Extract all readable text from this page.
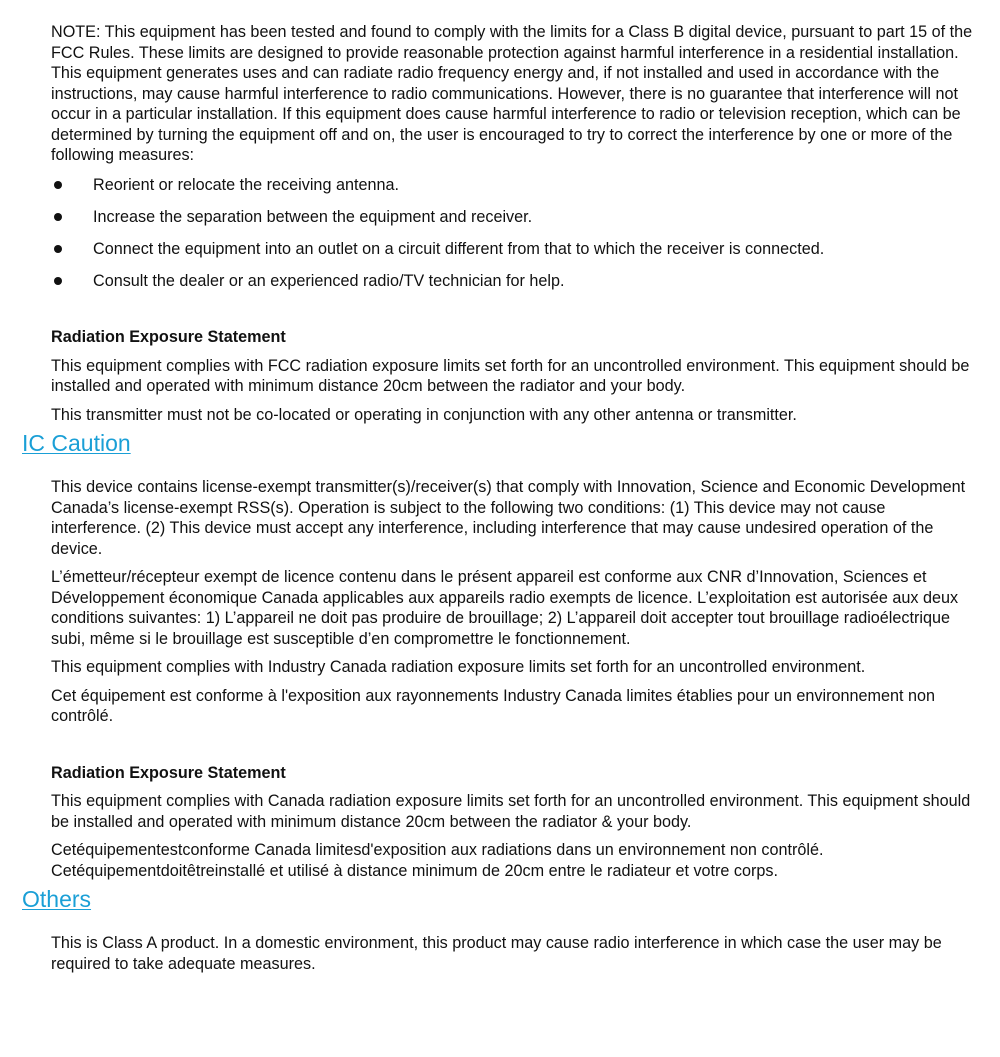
NOTE: This equipment has been tested and found to comply with the limits for a Class B digital device, pursuant to part 15 of the FCC Rules. These limits are designed to provide reasonable protection against harmful interference in a residential installation. This equipment generates uses and can radiate radio frequency energy and, if not installed and used in accordance with the instructions, may cause harmful interference to radio communications. However, there is no guarantee that interference will not occur in a particular installation. If this equipment does cause harmful interference to radio or television reception, which can be determined by turning the equipment off and on, the user is encouraged to try to correct the interference by one or more of the following measures:

Reorient or relocate the receiving antenna.
Increase the separation between the equipment and receiver.
Connect the equipment into an outlet on a circuit different from that to which the receiver is connected.
Consult the dealer or an experienced radio/TV technician for help.

Radiation Exposure Statement

This equipment complies with FCC radiation exposure limits set forth for an uncontrolled environment. This equipment should be installed and operated with minimum distance 20cm between the radiator and your body.

This transmitter must not be co-located or operating in conjunction with any other antenna or transmitter.

IC Caution

This device contains license-exempt transmitter(s)/receiver(s) that comply with Innovation, Science and Economic Development Canada’s license-exempt RSS(s). Operation is subject to the following two conditions: (1) This device may not cause interference. (2) This device must accept any interference, including interference that may cause undesired operation of the device.

L’émetteur/récepteur exempt de licence contenu dans le présent appareil est conforme aux CNR d’Innovation, Sciences et Développement économique Canada applicables aux appareils radio exempts de licence. L’exploitation est autorisée aux deux conditions suivantes: 1) L’appareil ne doit pas produire de brouillage; 2) L’appareil doit accepter tout brouillage radioélectrique subi, même si le brouillage est susceptible d’en compromettre le fonctionnement.

This equipment complies with Industry Canada radiation exposure limits set forth for an uncontrolled environment.

Cet équipement est conforme à l'exposition aux rayonnements Industry Canada limites établies pour un environnement non contrôlé.

Radiation Exposure Statement

This equipment complies with Canada radiation exposure limits set forth for an uncontrolled environment. This equipment should be installed and operated with minimum distance 20cm between the radiator & your body.

Cetéquipementestconforme Canada limitesd'exposition aux radiations dans un environnement non contrôlé. Cetéquipementdoitêtreinstallé et utilisé à distance minimum de 20cm entre le radiateur et votre corps.

Others

This is Class A product. In a domestic environment, this product may cause radio interference in which case the user may be required to take adequate measures.
